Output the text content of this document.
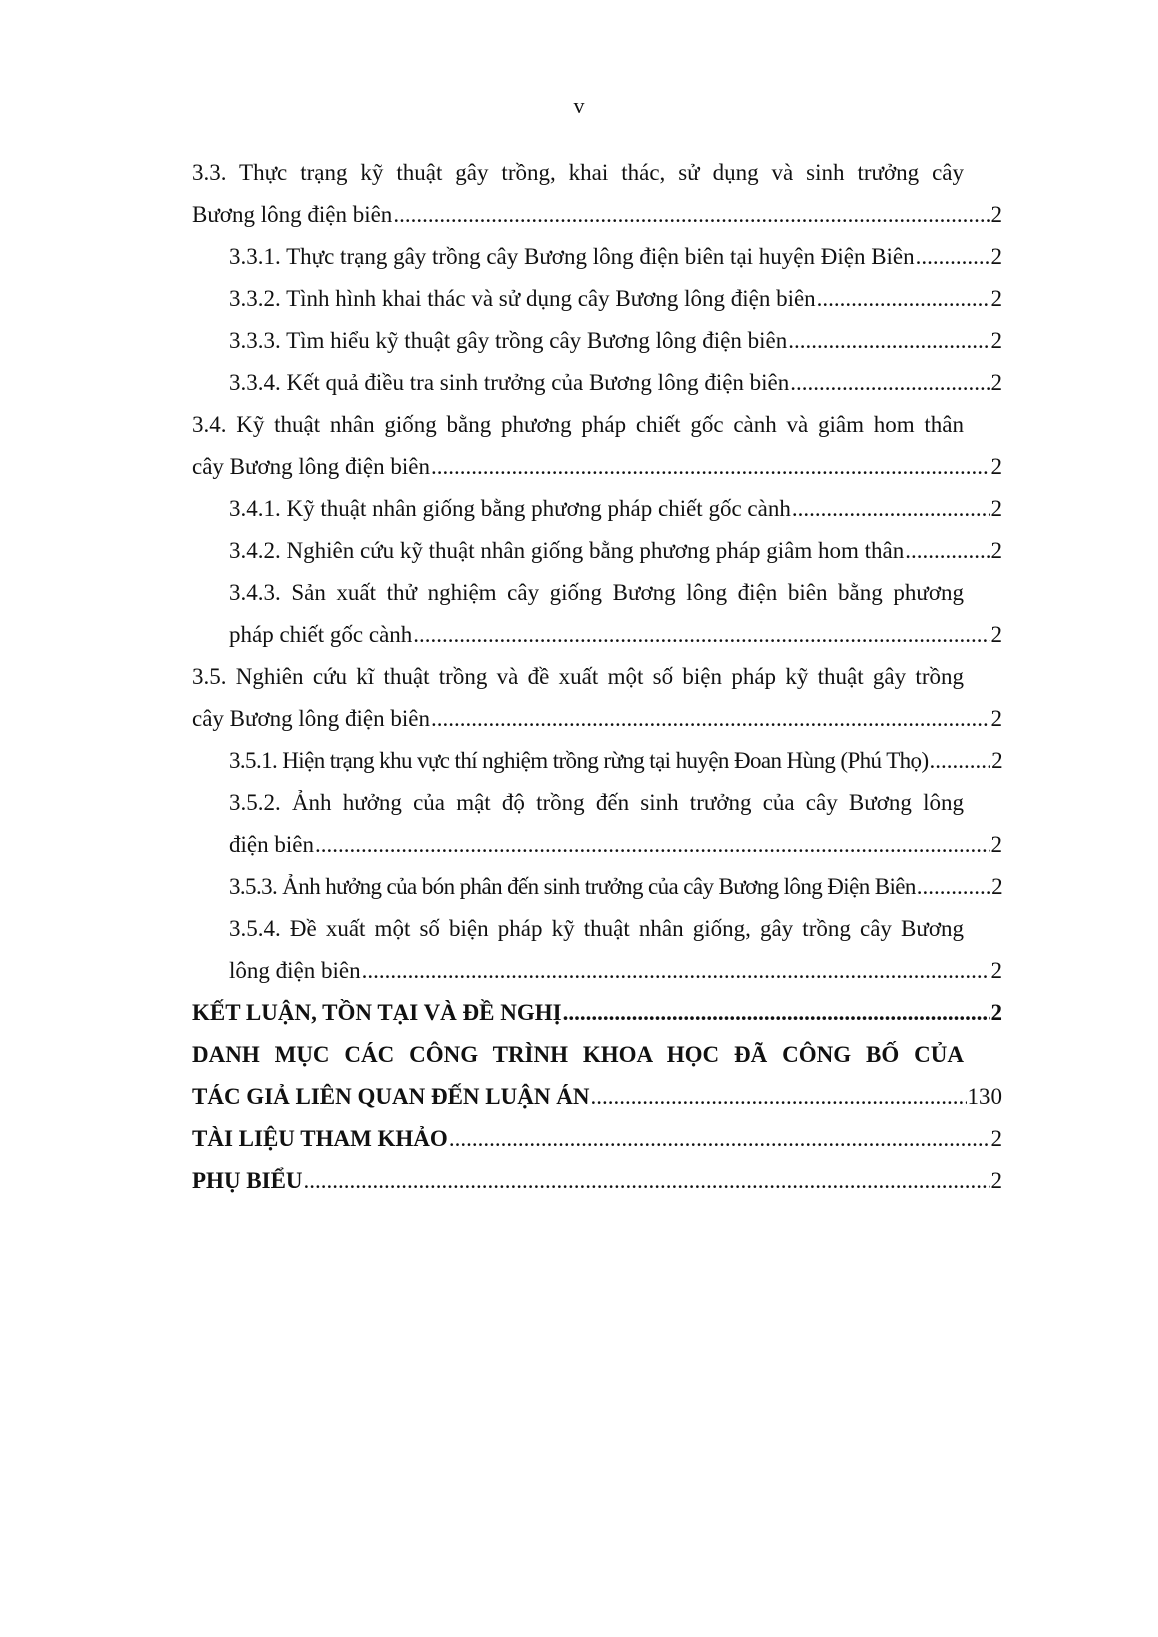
v
3.3. Thực trạng kỹ thuật gây trồng, khai thác, sử dụng và sinh trưởng cây
Bương lông điện biên .....	2
3.3.1. Thực trạng gây trồng cây Bương lông điện biên tại huyện Điện Biên .....	2
3.3.2. Tình hình khai thác và sử dụng cây Bương lông điện biên .....	2
3.3.3. Tìm hiểu kỹ thuật gây trồng cây Bương lông điện biên .....	2
3.3.4. Kết quả điều tra sinh trưởng của Bương lông điện biên .....	2
3.4. Kỹ thuật nhân giống bằng phương pháp chiết gốc cành và giâm hom thân
cây Bương lông điện biên .....	2
3.4.1. Kỹ thuật nhân giống bằng phương pháp chiết gốc cành .....	2
3.4.2. Nghiên cứu kỹ thuật nhân giống bằng phương pháp giâm hom thân .....	2
3.4.3. Sản xuất thử nghiệm cây giống Bương lông điện biên bằng phương
pháp chiết gốc cành .....	2
3.5. Nghiên cứu kĩ thuật trồng và đề xuất một số biện pháp kỹ thuật gây trồng
cây Bương lông điện biên .....	2
3.5.1. Hiện trạng khu vực thí nghiệm trồng rừng tại huyện Đoan Hùng (Phú Thọ) .....	2
3.5.2. Ảnh hưởng của mật độ trồng đến sinh trưởng của cây Bương lông
điện biên .....	2
3.5.3. Ảnh hưởng của bón phân đến sinh trưởng của cây Bương lông Điện Biên .....	2
3.5.4. Đề xuất một số biện pháp kỹ thuật nhân giống, gây trồng cây Bương
lông điện biên .....	2
KẾT LUẬN, TỒN TẠI VÀ ĐỀ NGHỊ .....	2
DANH MỤC CÁC CÔNG TRÌNH KHOA HỌC ĐÃ CÔNG BỐ CỦA
TÁC GIẢ LIÊN QUAN ĐẾN LUẬN ÁN .....	130
TÀI LIỆU THAM KHẢO .....	2
PHỤ BIỂU .....	2
